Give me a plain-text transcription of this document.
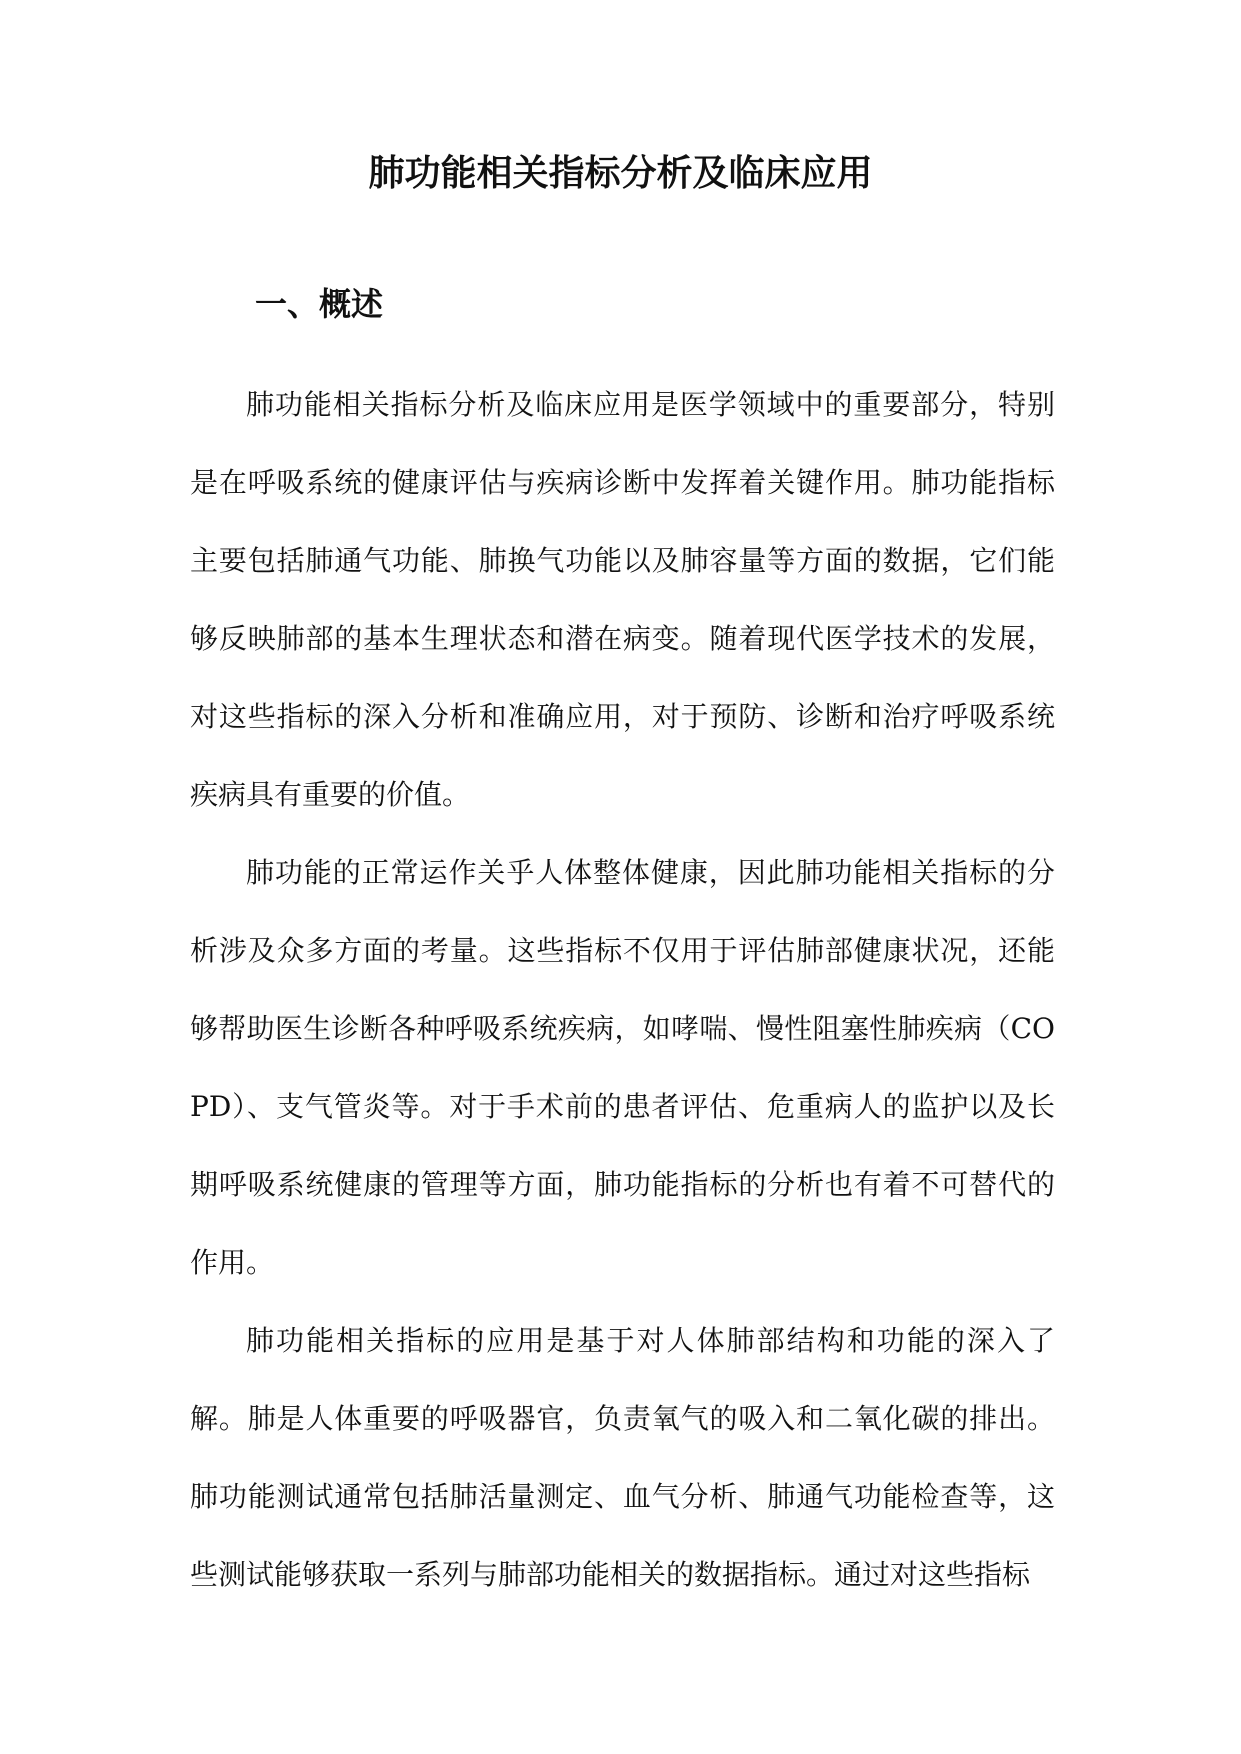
肺功能相关指标分析及临床应用
一、概述

肺功能相关指标分析及临床应用是医学领域中的重要部分，特别是在呼吸系统的健康评估与疾病诊断中发挥着关键作用。肺功能指标主要包括肺通气功能、肺换气功能以及肺容量等方面的数据，它们能够反映肺部的基本生理状态和潜在病变。随着现代医学技术的发展，对这些指标的深入分析和准确应用，对于预防、诊断和治疗呼吸系统疾病具有重要的价值。

肺功能的正常运作关乎人体整体健康，因此肺功能相关指标的分析涉及众多方面的考量。这些指标不仅用于评估肺部健康状况，还能够帮助医生诊断各种呼吸系统疾病，如哮喘、慢性阻塞性肺疾病（COPD）、支气管炎等。对于手术前的患者评估、危重病人的监护以及长期呼吸系统健康的管理等方面，肺功能指标的分析也有着不可替代的作用。

肺功能相关指标的应用是基于对人体肺部结构和功能的深入了解。肺是人体重要的呼吸器官，负责氧气的吸入和二氧化碳的排出。肺功能测试通常包括肺活量测定、血气分析、肺通气功能检查等，这些测试能够获取一系列与肺部功能相关的数据指标。通过对这些指标
